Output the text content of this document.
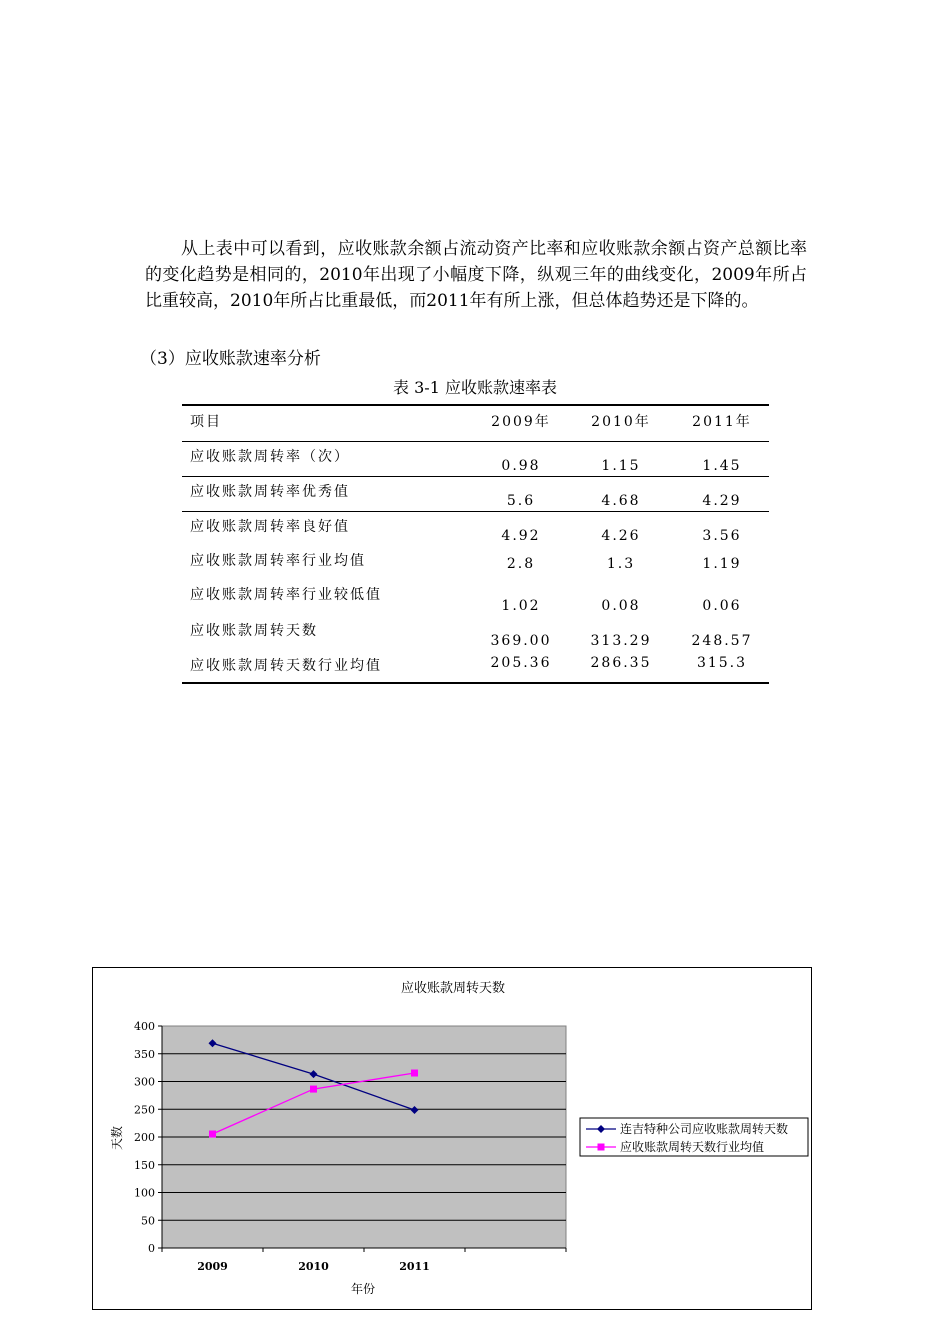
从上表中可以看到，应收账款余额占流动资产比率和应收账款余额占资产总额比率的变化趋势是相同的，2010年出现了小幅度下降，纵观三年的曲线变化，2009年所占比重较高，2010年所占比重最低，而2011年有所上涨，但总体趋势还是下降的。

（3）应收账款速率分析
表 3-1 应收账款速率表
项目	2009年	2010年	2011年
应收账款周转率（次）	0.98	1.15	1.45
应收账款周转率优秀值	5.6	4.68	4.29
应收账款周转率良好值	4.92	4.26	3.56
应收账款周转率行业均值	2.8	1.3	1.19
应收账款周转率行业较低值	1.02	0.08	0.06
应收账款周转天数	369.00	313.29	248.57
应收账款周转天数行业均值	205.36	286.35	315.3
应收账款周转天数
0
50
100
150
200
250
300
350
400
2009	2010	2011
年份
天数	连吉特种公司应收账款周转天数
应收账款周转天数行业均值
